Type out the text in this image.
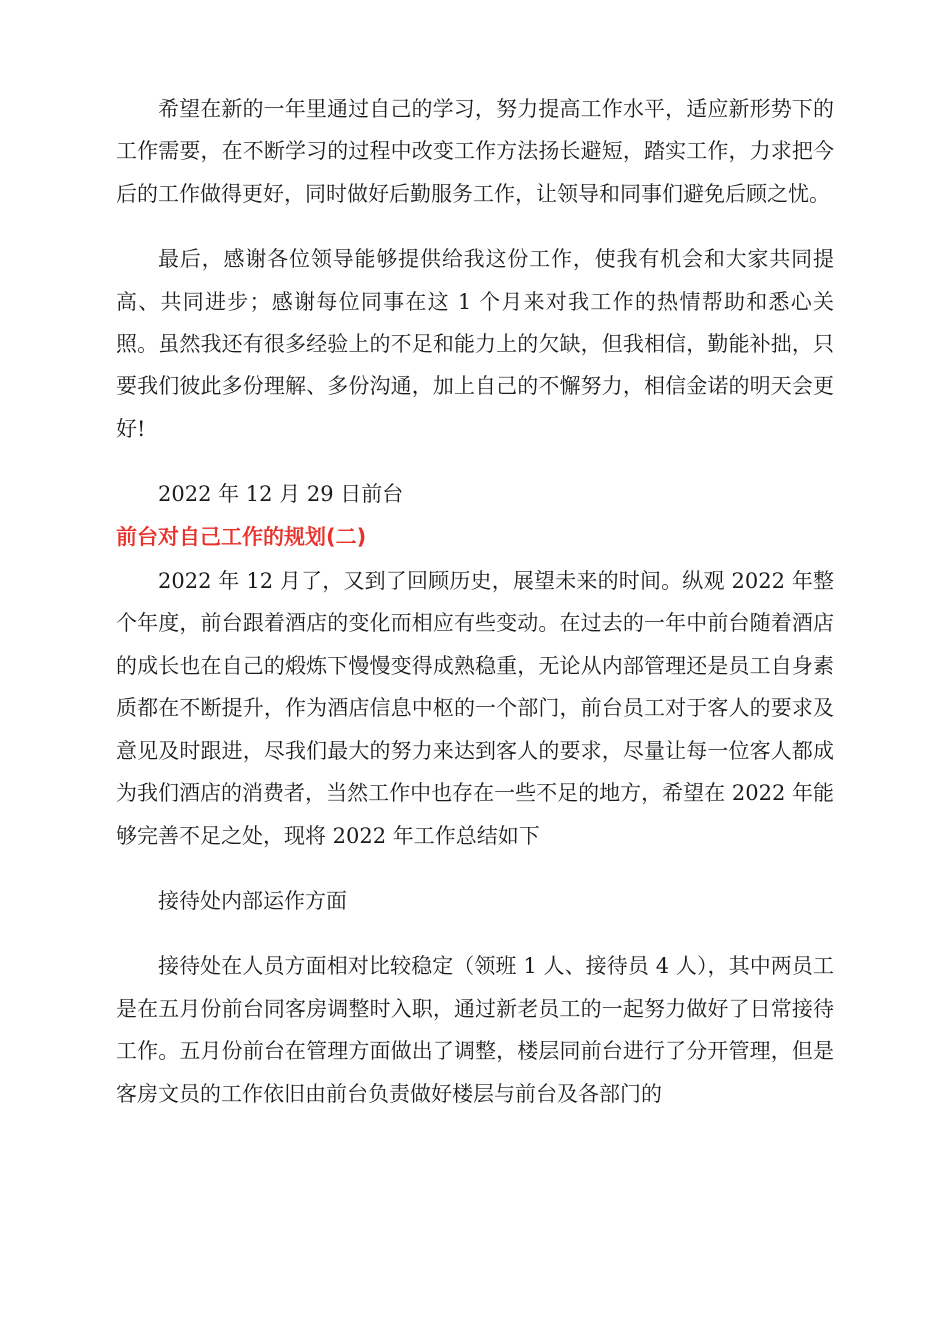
希望在新的一年里通过自己的学习，努力提高工作水平，适应新形势下的工作需要，在不断学习的过程中改变工作方法扬长避短，踏实工作，力求把今后的工作做得更好，同时做好后勤服务工作，让领导和同事们避免后顾之忧。

最后，感谢各位领导能够提供给我这份工作，使我有机会和大家共同提高、共同进步；感谢每位同事在这 1 个月来对我工作的热情帮助和悉心关照。虽然我还有很多经验上的不足和能力上的欠缺，但我相信，勤能补拙，只要我们彼此多份理解、多份沟通，加上自己的不懈努力，相信金诺的明天会更好!

2022 年 12 月 29 日前台

前台对自己工作的规划(二)

2022 年 12 月了，又到了回顾历史，展望未来的时间。纵观 2022 年整个年度，前台跟着酒店的变化而相应有些变动。在过去的一年中前台随着酒店的成长也在自己的煅炼下慢慢变得成熟稳重，无论从内部管理还是员工自身素质都在不断提升，作为酒店信息中枢的一个部门，前台员工对于客人的要求及意见及时跟进，尽我们最大的努力来达到客人的要求，尽量让每一位客人都成为我们酒店的消费者，当然工作中也存在一些不足的地方，希望在 2022 年能够完善不足之处，现将 2022 年工作总结如下

接待处内部运作方面

接待处在人员方面相对比较稳定（领班 1 人、接待员 4 人），其中两员工是在五月份前台同客房调整时入职，通过新老员工的一起努力做好了日常接待工作。五月份前台在管理方面做出了调整，楼层同前台进行了分开管理，但是客房文员的工作依旧由前台负责做好楼层与前台及各部门的
